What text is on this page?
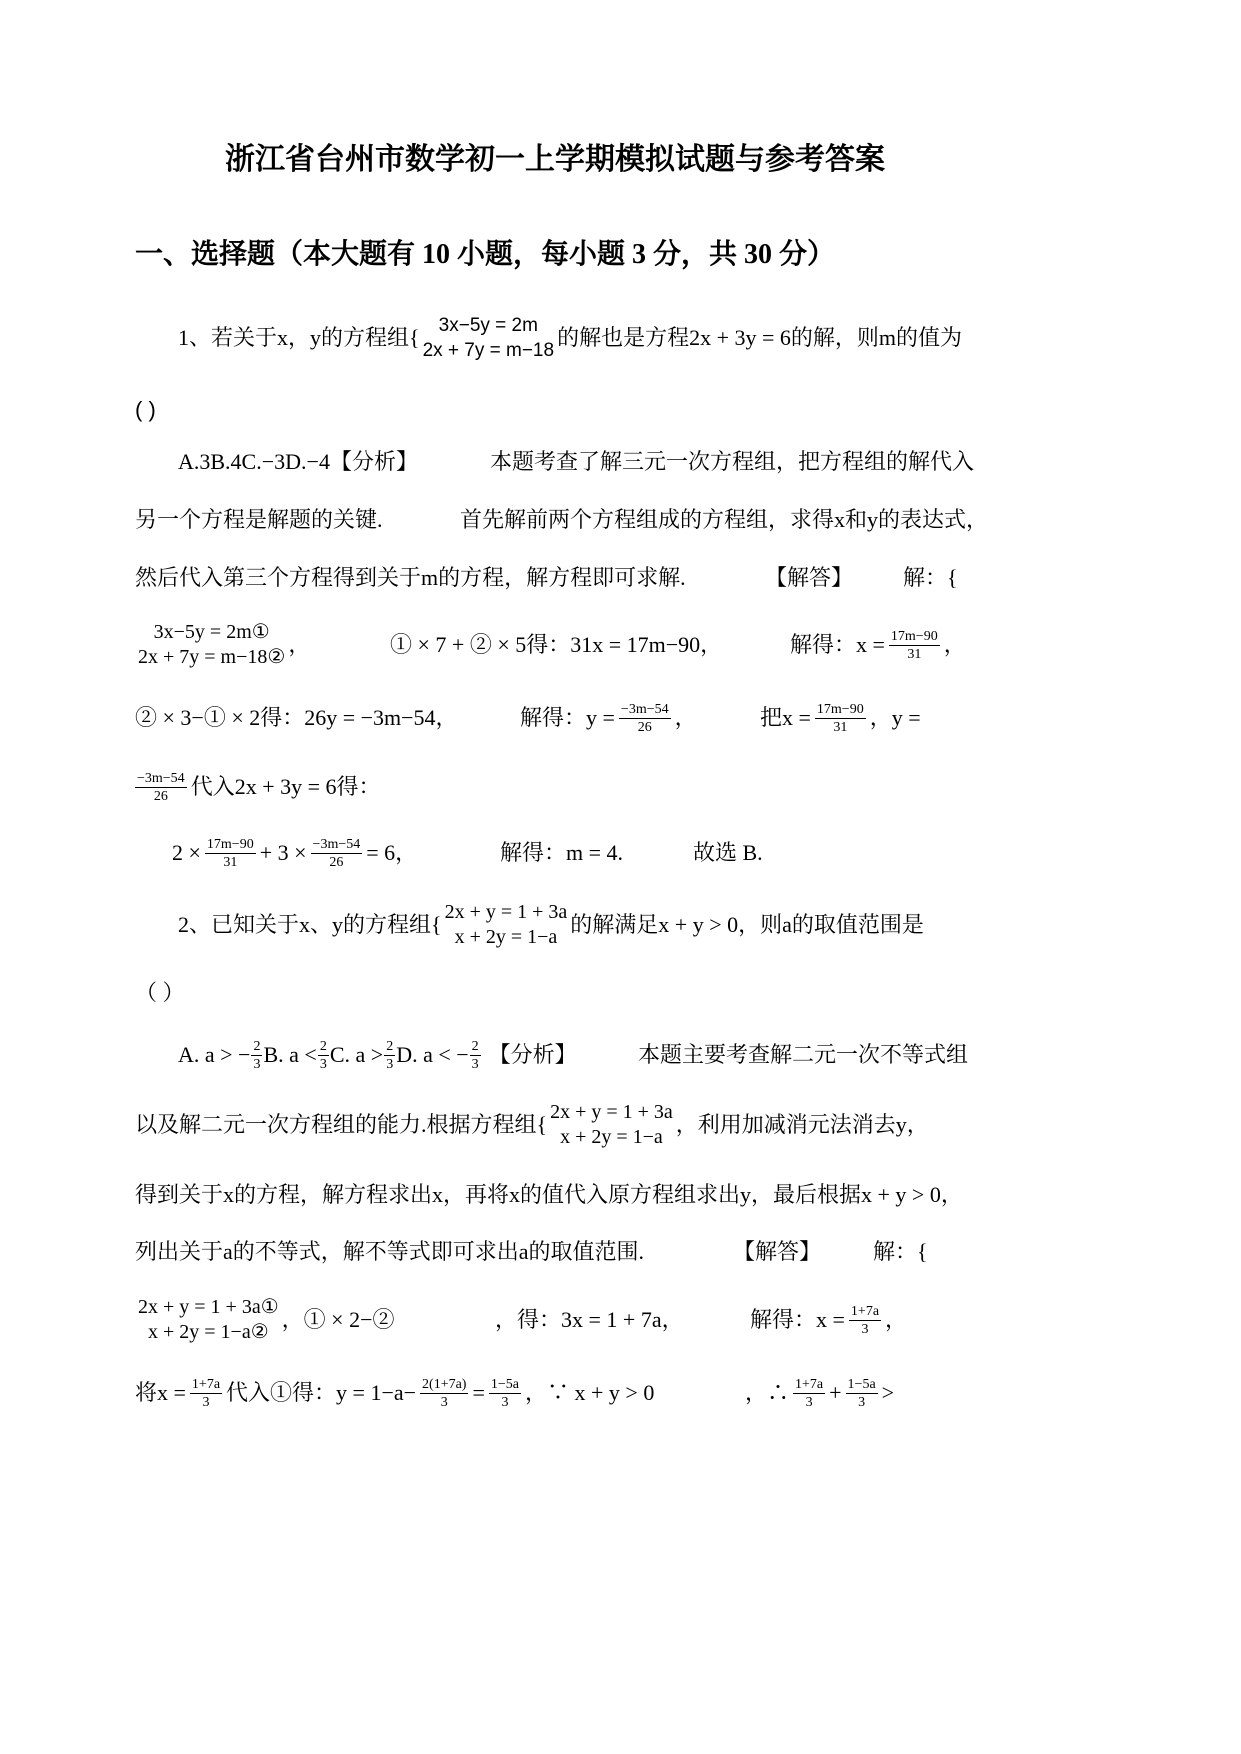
浙江省台州市数学初一上学期模拟试题与参考答案
一、选择题（本大题有 10 小题，每小题 3 分，共 30 分）
1、若关于x，y的方程组{ 3x−5y = 2m
2x + 7y = m−18
的解也是方程2x + 3y = 6的解，则m的值为
( )
A.3B.4C.−3D.−4 【分析】	本题考查了解三元一次方程组，把方程组的解代入
另一个方程是解题的关键.	首先解前两个方程组成的方程组，求得x和y的表达式，
然后代入第三个方程得到关于m的方程，解方程即可求解.	【解答】 解：{
3x−5y = 2m①
2x + 7y = m−18② ，	① × 7 + ② × 5得：31x = 17m−90，	解得：$x = \frac{17m-90}{31}$ ，
② × 3−① × 2得：26y = −3m−54，	解得：$y = \frac{-3m-54}{26}$ ，	把$x = \frac{17m-90}{31}$ ，y =
$\frac{-3m-54}{26}$ 代入2x + 3y = 6得：
$2 \times \frac{17m-90}{31} + 3 \times \frac{-3m-54}{26} = 6$，	解得：m = 4.	故选 B.
2、已知关于x、y的方程组{ 2x + y = 1 + 3a
x + 2y = 1−a 的解满足x + y > 0，则a的取值范围是
（ ）
A. a > − $\frac{2}{3} B$. $a < \frac{2}{3} C$. $a > \frac{2}{3} D$. a < − $\frac{2}{3}$ 【分析】	本题主要考查解二元一次不等式组
以及解二元一次方程组的能力.根据方程组{ 2x + y = 1 + 3a
x + 2y = 1−a ，利用加减消元法消去y，
得到关于x的方程，解方程求出x，再将x的值代入原方程组求出y，最后根据x + y > 0，
列出关于a的不等式，解不等式即可求出a的取值范围.	【解答】 解：{
2x + y = 1 + 3a①
x + 2y = 1−a② ，① × 2−②	，得：3x = 1 + 7a，	解得：$x = \frac{1+7a}{3}$ ，
将$x = \frac{1+7a}{3}$ 代入①得：$y = 1-a- \frac{2(1+7a)}{3} = \frac{1-5a}{3}$ ，∵ x + y > 0	，∴ $\frac{1+7a}{3} + \frac{1-5a}{3}$ >
